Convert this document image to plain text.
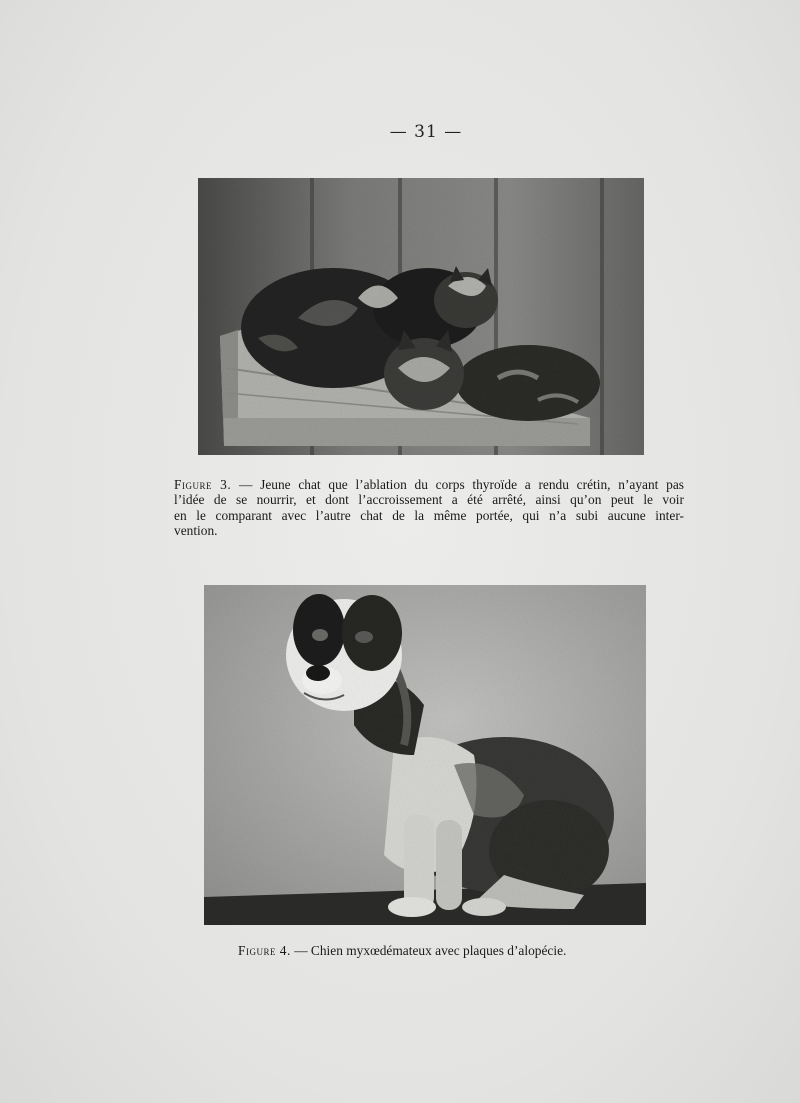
— 31 —
Figure 3. — Jeune chat que l’ablation du corps thyroïde a rendu crétin, n’ayant pas
l’idée de se nourrir, et dont l’accroissement a été arrêté, ainsi qu’on peut le voir
en le comparant avec l’autre chat de la même portée, qui n’a subi aucune inter-
vention.
Figure 4. — Chien myxœdémateux avec plaques d’alopécie.
